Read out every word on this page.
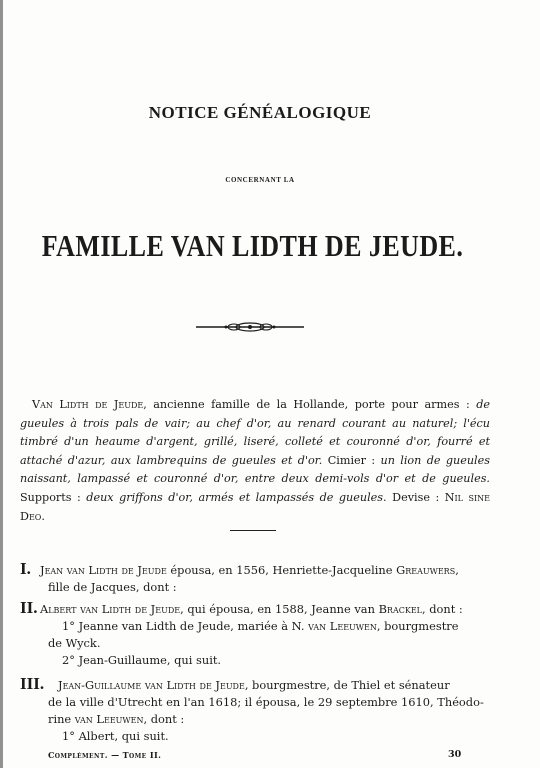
NOTICE GÉNÉALOGIQUE
CONCERNANT LA
FAMILLE VAN LIDTH DE JEUDE.

Van Lidth de Jeude, ancienne famille de la Hollande, porte pour armes : de gueules à trois pals de vair; au chef d'or, au renard courant au naturel; l'écu timbré d'un heaume d'argent, grillé, liseré, colleté et couronné d'or, fourré et attaché d'azur, aux lambrequins de gueules et d'or. Cimier : un lion de gueules naissant, lampassé et couronné d'or, entre deux demi-vols d'or et de gueules. Supports : deux griffons d'or, armés et lampassés de gueules. Devise : Nil sine Deo.

I. Jean van Lidth de Jeude épousa, en 1556, Henriette-Jacqueline Greauwers,
fille de Jacques, dont :
II. Albert van Lidth de Jeude, qui épousa, en 1588, Jeanne van Brackel, dont :
1° Jeanne van Lidth de Jeude, mariée à N. van Leeuwen, bourgmestre
de Wyck.
2° Jean-Guillaume, qui suit.
III.	Jean-Guillaume van Lidth de Jeude, bourgmestre, de Thiel et sénateur
de la ville d'Utrecht en l'an 1618; il épousa, le 29 septembre 1610, Théodo-
rine van Leeuwen, dont :
1° Albert, qui suit.
Complément. — Tome II.	30
